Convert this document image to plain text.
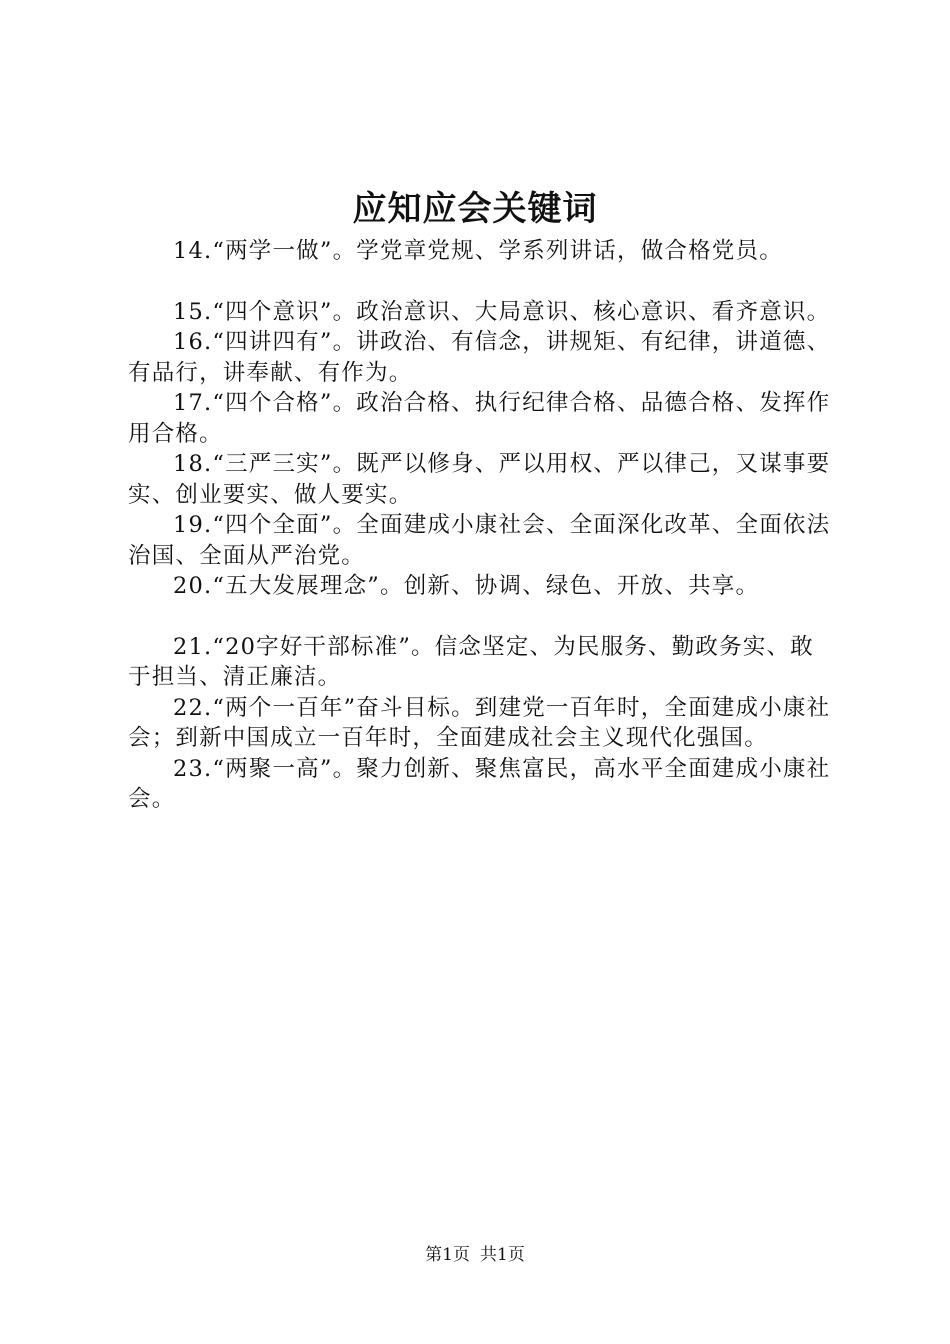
应知应会关键词

14.“两学一做”。学党章党规、学系列讲话，做合格党员。

15.“四个意识”。政治意识、大局意识、核心意识、看齐意识。

16.“四讲四有”。讲政治、有信念，讲规矩、有纪律，讲道德、有品行，讲奉献、有作为。

17.“四个合格”。政治合格、执行纪律合格、品德合格、发挥作用合格。

18.“三严三实”。既严以修身、严以用权、严以律己，又谋事要实、创业要实、做人要实。

19.“四个全面”。全面建成小康社会、全面深化改革、全面依法治国、全面从严治党。

20.“五大发展理念”。创新、协调、绿色、开放、共享。

21.“20字好干部标准”。信念坚定、为民服务、勤政务实、敢于担当、清正廉洁。

22.“两个一百年”奋斗目标。到建党一百年时，全面建成小康社会；到新中国成立一百年时，全面建成社会主义现代化强国。

23.“两聚一高”。聚力创新、聚焦富民，高水平全面建成小康社会。

第1页 共1页
